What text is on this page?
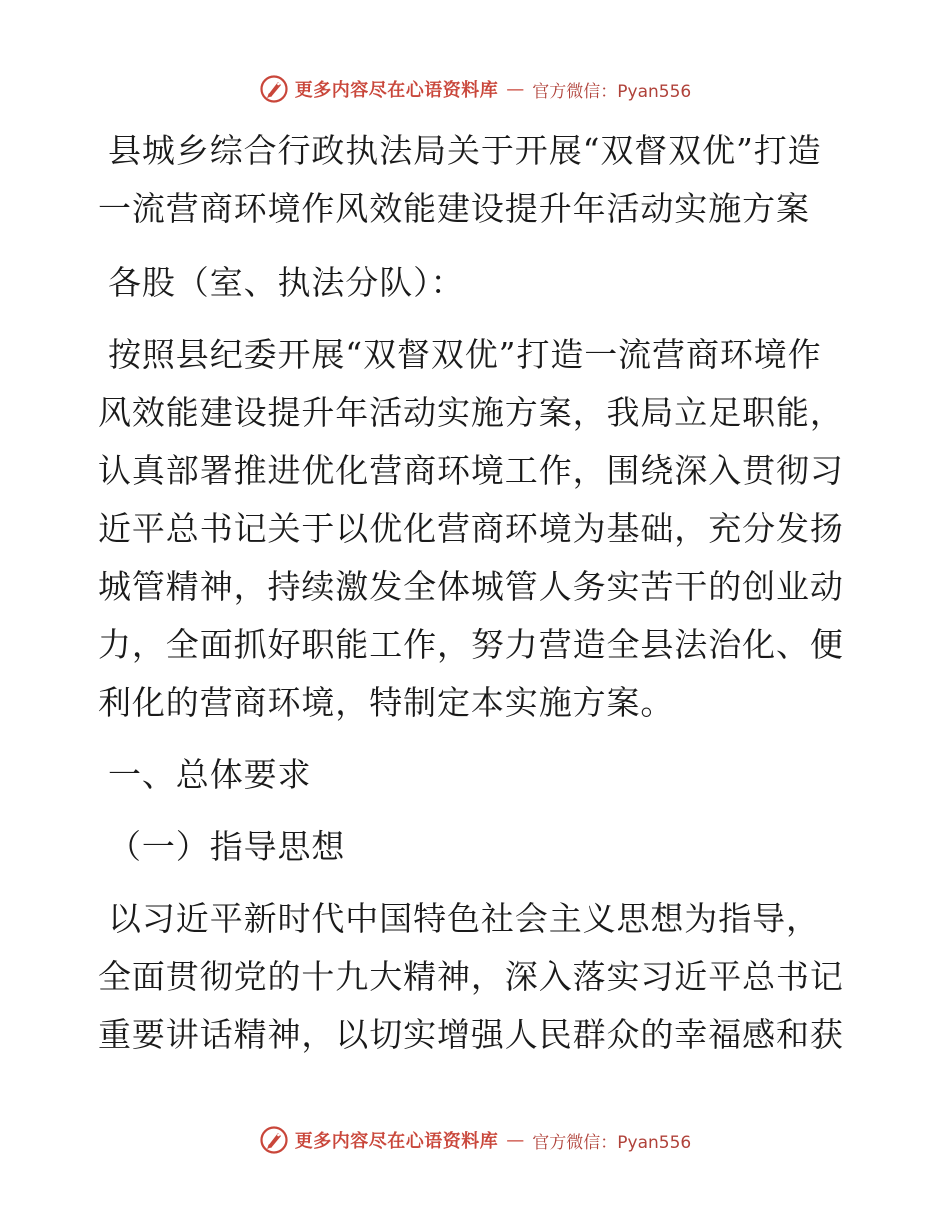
更多内容尽在心语资料库 — 官方微信：Pyan556

县城乡综合行政执法局关于开展“双督双优”打造一流营商环境作风效能建设提升年活动实施方案

各股（室、执法分队）：

按照县纪委开展“双督双优”打造一流营商环境作风效能建设提升年活动实施方案，我局立足职能，认真部署推进优化营商环境工作，围绕深入贯彻习近平总书记关于以优化营商环境为基础，充分发扬城管精神，持续激发全体城管人务实苦干的创业动力，全面抓好职能工作，努力营造全县法治化、便利化的营商环境，特制定本实施方案。

一、总体要求

（一）指导思想

以习近平新时代中国特色社会主义思想为指导，全面贯彻党的十九大精神，深入落实习近平总书记重要讲话精神，以切实增强人民群众的幸福感和获

更多内容尽在心语资料库 — 官方微信：Pyan556
